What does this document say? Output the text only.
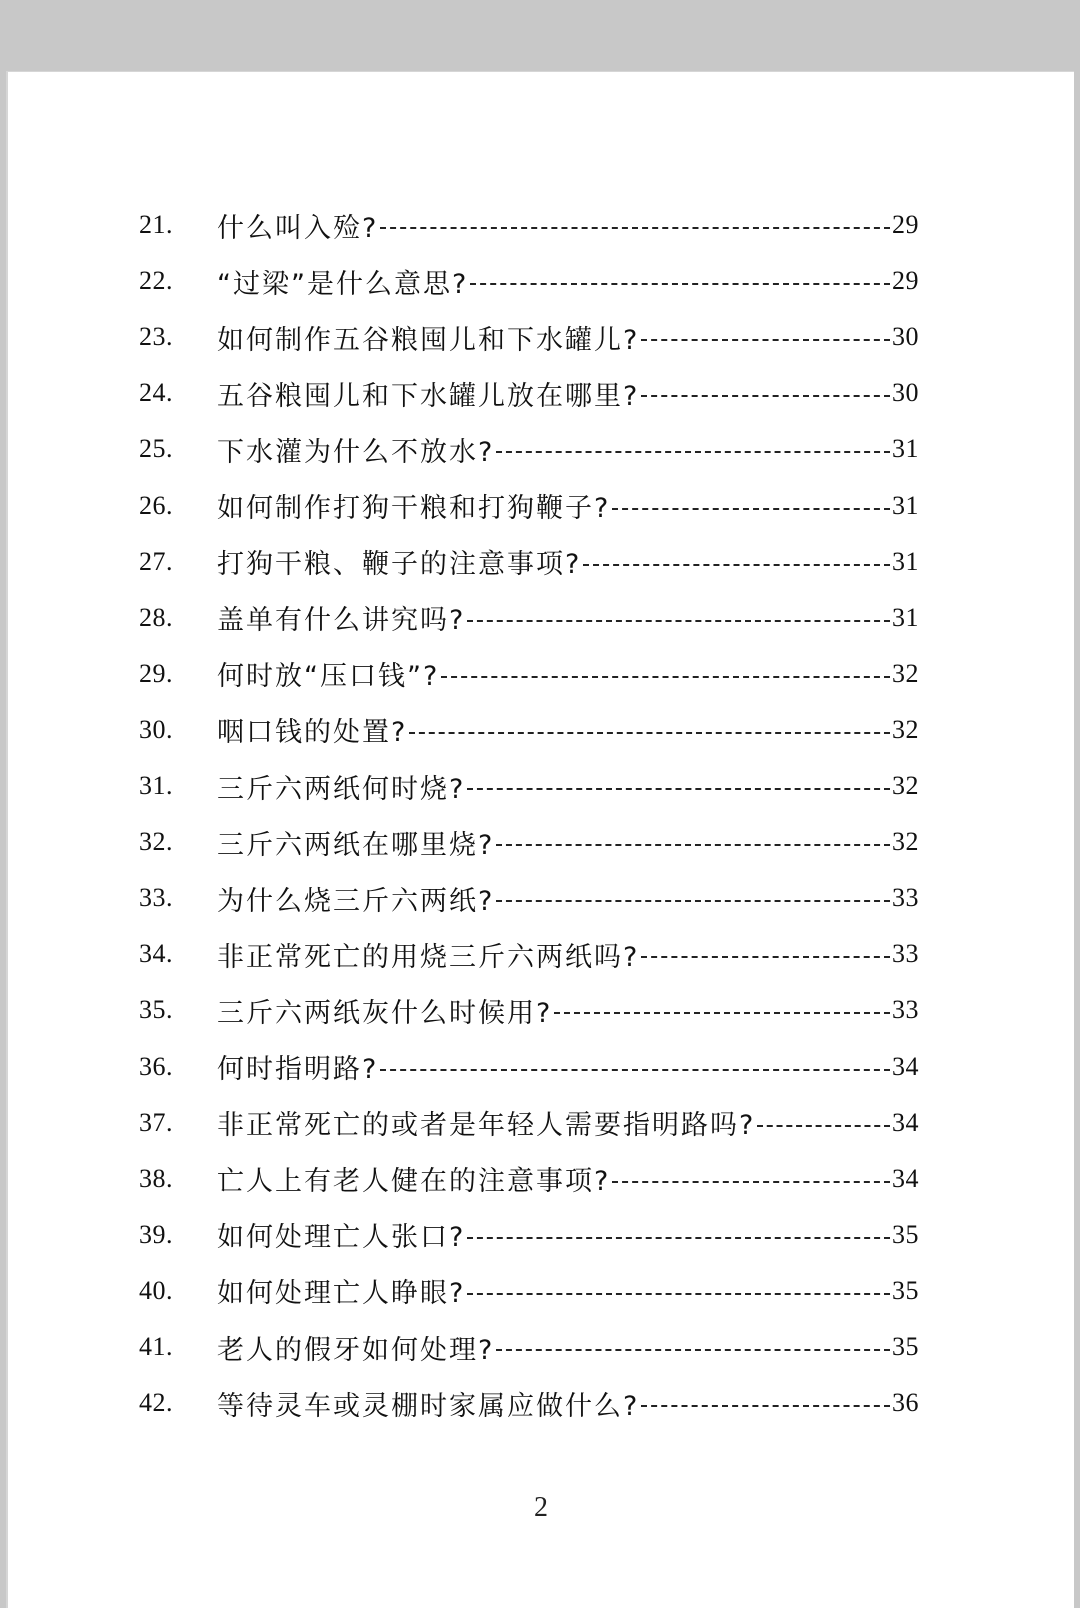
21.	什么叫入殓?	29
22.	“过梁”是什么意思?	29
23.	如何制作五谷粮囤儿和下水罐儿?	30
24.	五谷粮囤儿和下水罐儿放在哪里?	30
25.	下水灌为什么不放水?	31
26.	如何制作打狗干粮和打狗鞭子?	31
27.	打狗干粮、鞭子的注意事项?	31
28.	盖单有什么讲究吗?	31
29.	何时放“压口钱”?	32
30.	咽口钱的处置?	32
31.	三斤六两纸何时烧?	32
32.	三斤六两纸在哪里烧?	32
33.	为什么烧三斤六两纸?	33
34.	非正常死亡的用烧三斤六两纸吗?	33
35.	三斤六两纸灰什么时候用?	33
36.	何时指明路?	34
37.	非正常死亡的或者是年轻人需要指明路吗?	34
38.	亡人上有老人健在的注意事项?	34
39.	如何处理亡人张口?	35
40.	如何处理亡人睁眼?	35
41.	老人的假牙如何处理?	35
42.	等待灵车或灵棚时家属应做什么?	36
2
